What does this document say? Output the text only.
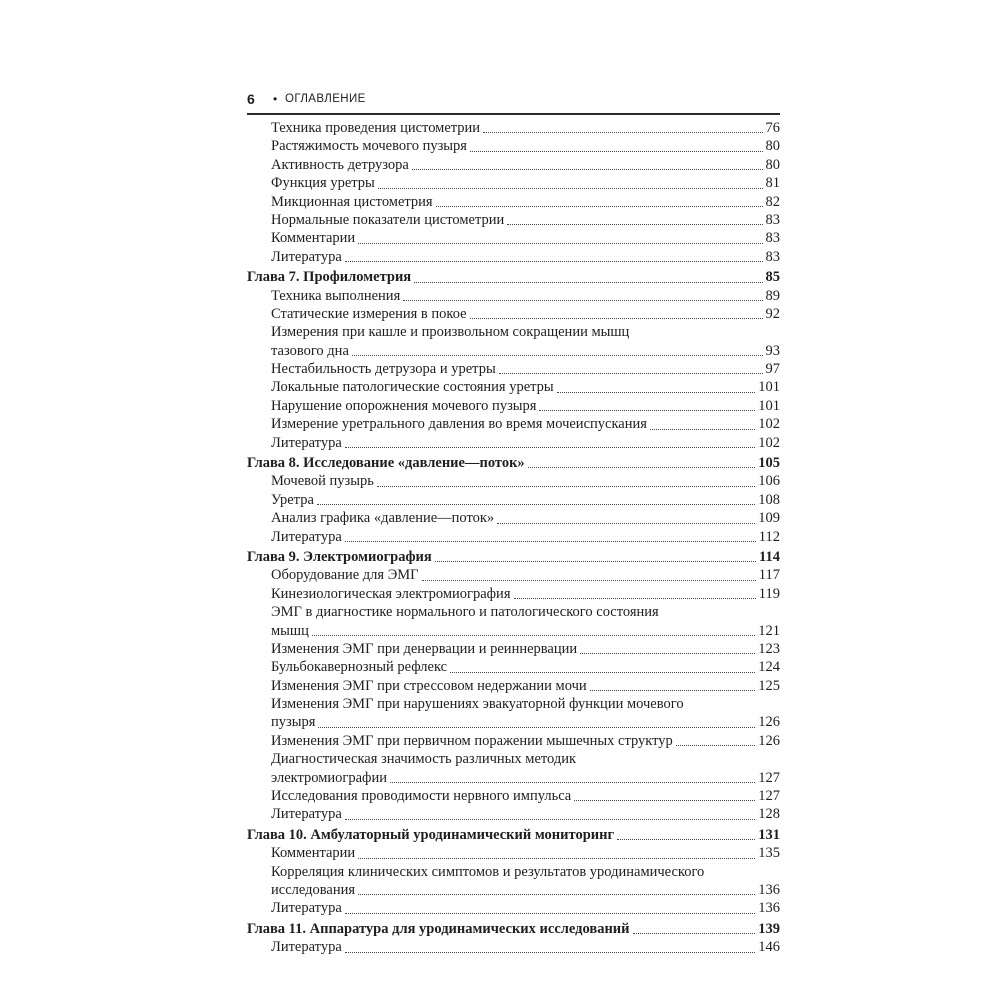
6 • ОГЛАВЛЕНИЕ
Техника проведения цистометрии	76
Растяжимость мочевого пузыря	80
Активность детрузора	80
Функция уретры	81
Микционная цистометрия	82
Нормальные показатели цистометрии	83
Комментарии	83
Литература	83
Глава 7. Профилометрия	85
Техника выполнения	89
Статические измерения в покое	92
Измерения при кашле и произвольном сокращении мышц
тазового дна	93
Нестабильность детрузора и уретры	97
Локальные патологические состояния уретры	101
Нарушение опорожнения мочевого пузыря	101
Измерение уретрального давления во время мочеиспускания	102
Литература	102
Глава 8. Исследование «давление—поток»	105
Мочевой пузырь	106
Уретра	108
Анализ графика «давление—поток»	109
Литература	112
Глава 9. Электромиография	114
Оборудование для ЭМГ	117
Кинезиологическая электромиография	119
ЭМГ в диагностике нормального и патологического состояния
мышц	121
Изменения ЭМГ при денервации и реиннервации	123
Бульбокавернозный рефлекс	124
Изменения ЭМГ при стрессовом недержании мочи	125
Изменения ЭМГ при нарушениях эвакуаторной функции мочевого
пузыря	126
Изменения ЭМГ при первичном поражении мышечных структур	126
Диагностическая значимость различных методик
электромиографии	127
Исследования проводимости нервного импульса	127
Литература	128
Глава 10. Амбулаторный уродинамический мониторинг	131
Комментарии	135
Корреляция клинических симптомов и результатов уродинамического
исследования	136
Литература	136
Глава 11. Аппаратура для уродинамических исследований	139
Литература	146
